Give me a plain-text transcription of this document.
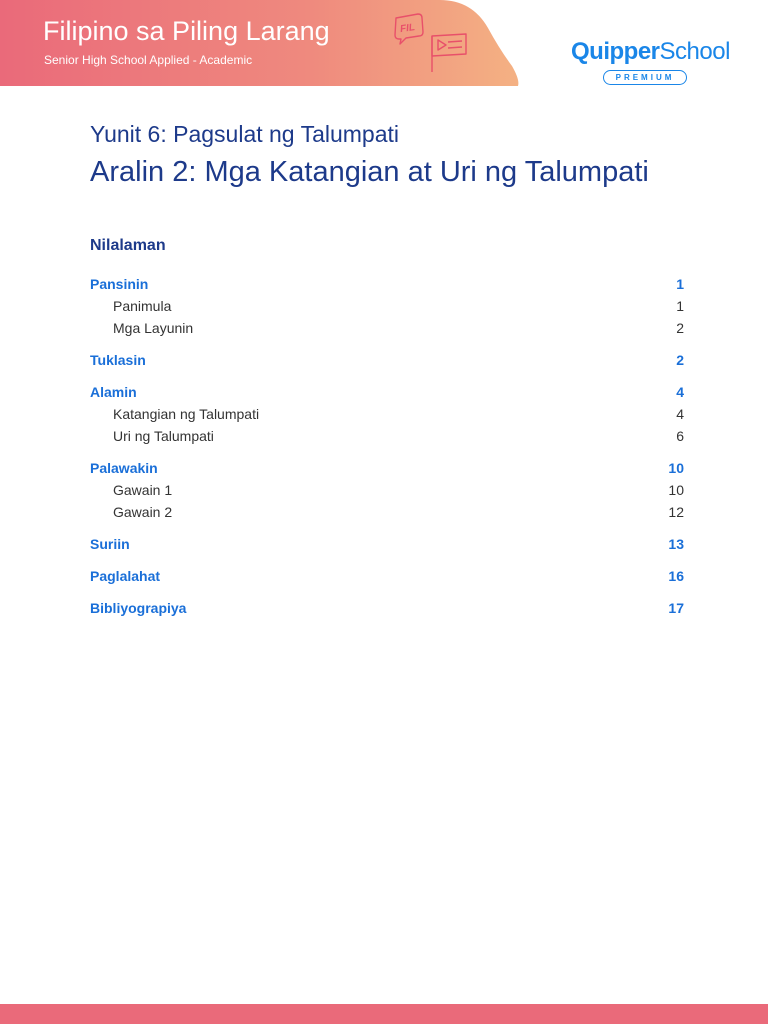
Filipino sa Piling Larang

Senior High School Applied - Academic

FIL
QuipperSchool
PREMIUM
Yunit 6: Pagsulat ng Talumpati
Aralin 2: Mga Katangian at Uri ng Talumpati
Nilalaman
Pansinin	1
Panimula	1
Mga Layunin	2
Tuklasin	2
Alamin	4
Katangian ng Talumpati	4
Uri ng Talumpati	6
Palawakin	10
Gawain 1	10
Gawain 2	12
Suriin	13
Paglalahat	16
Bibliyograpiya	17
